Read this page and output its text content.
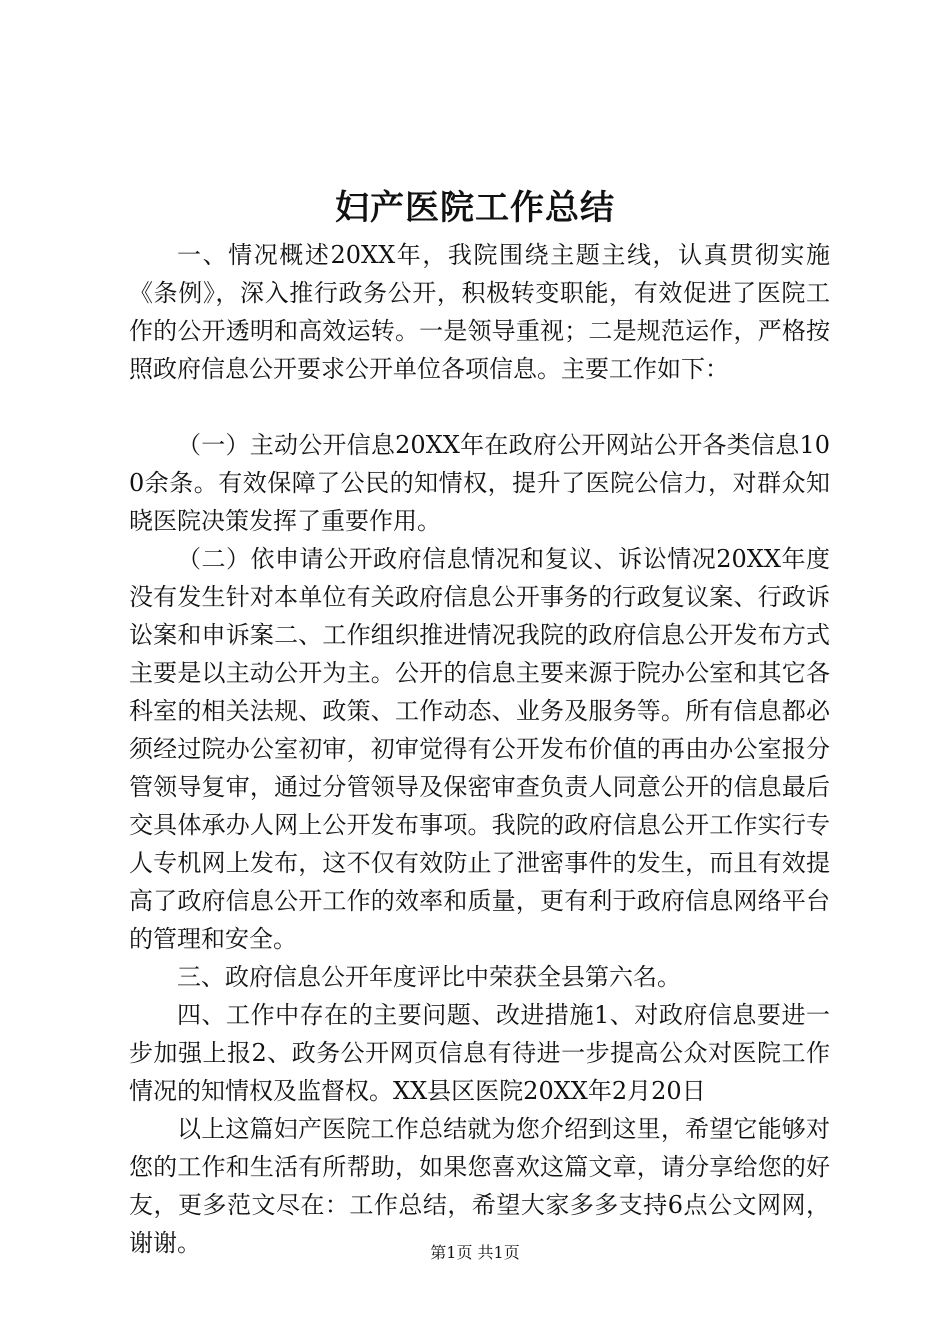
妇产医院工作总结

一、情况概述20XX年，我院围绕主题主线，认真贯彻实施《条例》，深入推行政务公开，积极转变职能，有效促进了医院工作的公开透明和高效运转。一是领导重视；二是规范运作，严格按照政府信息公开要求公开单位各项信息。主要工作如下：

（一）主动公开信息20XX年在政府公开网站公开各类信息100余条。有效保障了公民的知情权，提升了医院公信力，对群众知晓医院决策发挥了重要作用。

（二）依申请公开政府信息情况和复议、诉讼情况20XX年度没有发生针对本单位有关政府信息公开事务的行政复议案、行政诉讼案和申诉案二、工作组织推进情况我院的政府信息公开发布方式主要是以主动公开为主。公开的信息主要来源于院办公室和其它各科室的相关法规、政策、工作动态、业务及服务等。所有信息都必须经过院办公室初审，初审觉得有公开发布价值的再由办公室报分管领导复审，通过分管领导及保密审查负责人同意公开的信息最后交具体承办人网上公开发布事项。我院的政府信息公开工作实行专人专机网上发布，这不仅有效防止了泄密事件的发生，而且有效提高了政府信息公开工作的效率和质量，更有利于政府信息网络平台的管理和安全。

三、政府信息公开年度评比中荣获全县第六名。

四、工作中存在的主要问题、改进措施1、对政府信息要进一步加强上报2、政务公开网页信息有待进一步提高公众对医院工作情况的知情权及监督权。XX县区医院20XX年2月20日

以上这篇妇产医院工作总结就为您介绍到这里，希望它能够对您的工作和生活有所帮助，如果您喜欢这篇文章，请分享给您的好友，更多范文尽在：工作总结，希望大家多多支持6点公文网网，谢谢。	第1页 共1页
